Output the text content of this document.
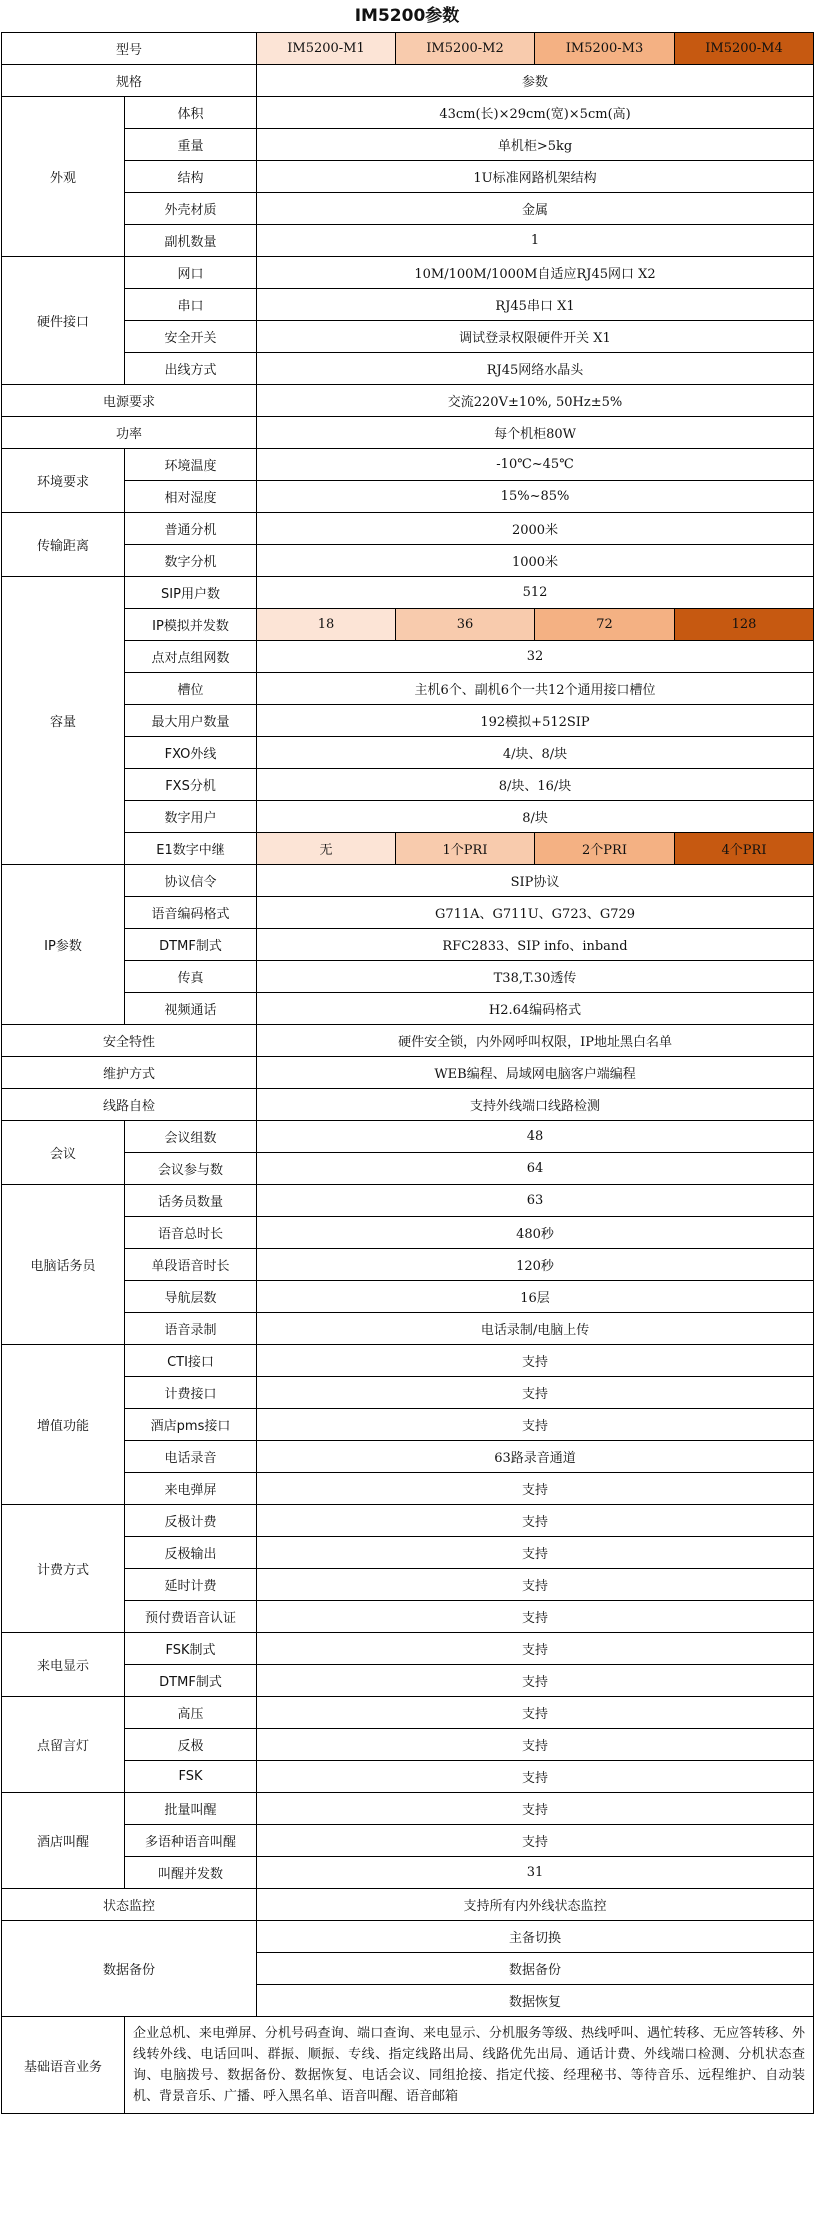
IM5200参数
型号		IM5200-M1	IM5200-M2	IM5200-M3	IM5200-M4
规格		参数			
外观	体积	43cm(长)×29cm(宽)×5cm(高)			
	重量	单机柜>5kg			
	结构	1U标准网路机架结构			
	外壳材质	金属			
	副机数量	1			
硬件接口	网口	10M/100M/1000M自适应RJ45网口 X2			
	串口	RJ45串口 X1			
	安全开关	调试登录权限硬件开关 X1			
	出线方式	RJ45网络水晶头			
电源要求		交流220V±10%, 50Hz±5%			
功率		每个机柜80W			
环境要求	环境温度	-10℃~45℃			
	相对湿度	15%~85%			
传输距离	普通分机	2000米			
	数字分机	1000米			
容量	SIP用户数	512			
	IP模拟并发数	18	36	72	128
	点对点组网数	32			
	槽位	主机6个、副机6个一共12个通用接口槽位			
	最大用户数量	192模拟+512SIP			
	FXO外线	4/块、8/块			
	FXS分机	8/块、16/块			
	数字用户	8/块			
	E1数字中继	无	1个PRI	2个PRI	4个PRI
IP参数	协议信令	SIP协议			
	语音编码格式	G711A、G711U、G723、G729			
	DTMF制式	RFC2833、SIP info、inband			
	传真	T38,T.30透传			
	视频通话	H2.64编码格式			
安全特性		硬件安全锁，内外网呼叫权限，IP地址黑白名单			
维护方式		WEB编程、局域网电脑客户端编程			
线路自检		支持外线端口线路检测			
会议	会议组数	48			
	会议参与数	64			
电脑话务员	话务员数量	63			
	语音总时长	480秒			
	单段语音时长	120秒			
	导航层数	16层			
	语音录制	电话录制/电脑上传			
增值功能	CTI接口	支持			
	计费接口	支持			
	酒店pms接口	支持			
	电话录音	63路录音通道			
	来电弹屏	支持			
计费方式	反极计费	支持			
	反极输出	支持			
	延时计费	支持			
	预付费语音认证	支持			
来电显示	FSK制式	支持			
	DTMF制式	支持			
点留言灯	高压	支持			
	反极	支持			
	FSK	支持			
酒店叫醒	批量叫醒	支持			
	多语种语音叫醒	支持			
	叫醒并发数	31			
状态监控		支持所有内外线状态监控			
数据备份		主备切换			
		数据备份			
		数据恢复			
基础语音业务	企业总机、来电弹屏、分机号码查询、端口查询、来电显示、分机服务等级、热线呼叫、遇忙转移、无应答转移、外线转外线、电话回叫、群振、顺振、专线、指定线路出局、线路优先出局、通话计费、外线端口检测、分机状态查询、电脑拨号、数据备份、数据恢复、电话会议、同组抢接、指定代接、经理秘书、等待音乐、远程维护、自动装机、背景音乐、广播、呼入黑名单、语音叫醒、语音邮箱				
